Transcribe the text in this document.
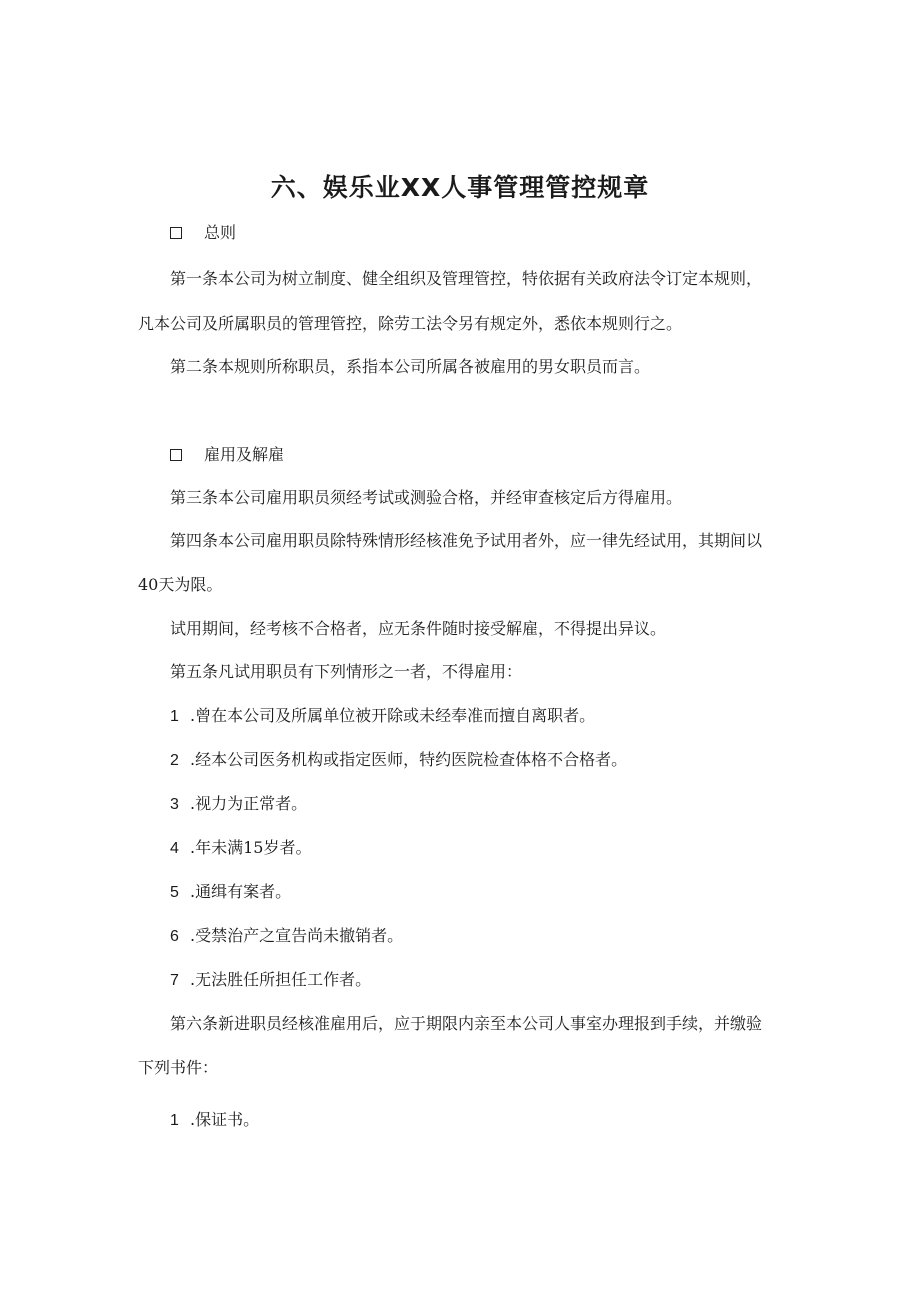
六、娱乐业XX人事管理管控规章
总则

第一条本公司为树立制度、健全组织及管理管控，特依据有关政府法令订定本规则，

凡本公司及所属职员的管理管控，除劳工法令另有规定外，悉依本规则行之。

第二条本规则所称职员，系指本公司所属各被雇用的男女职员而言。

雇用及解雇

第三条本公司雇用职员须经考试或测验合格，并经审查核定后方得雇用。

第四条本公司雇用职员除特殊情形经核准免予试用者外，应一律先经试用，其期间以

40天为限。

试用期间，经考核不合格者，应无条件随时接受解雇，不得提出异议。

第五条凡试用职员有下列情形之一者，不得雇用：

1 .曾在本公司及所属单位被开除或未经奉准而擅自离职者。

2 .经本公司医务机构或指定医师，特约医院检查体格不合格者。

3 .视力为正常者。

4 .年未满15岁者。

5 .通缉有案者。

6 .受禁治产之宣告尚未撤销者。

7 .无法胜任所担任工作者。

第六条新进职员经核准雇用后，应于期限内亲至本公司人事室办理报到手续，并缴验

下列书件：

1 .保证书。
